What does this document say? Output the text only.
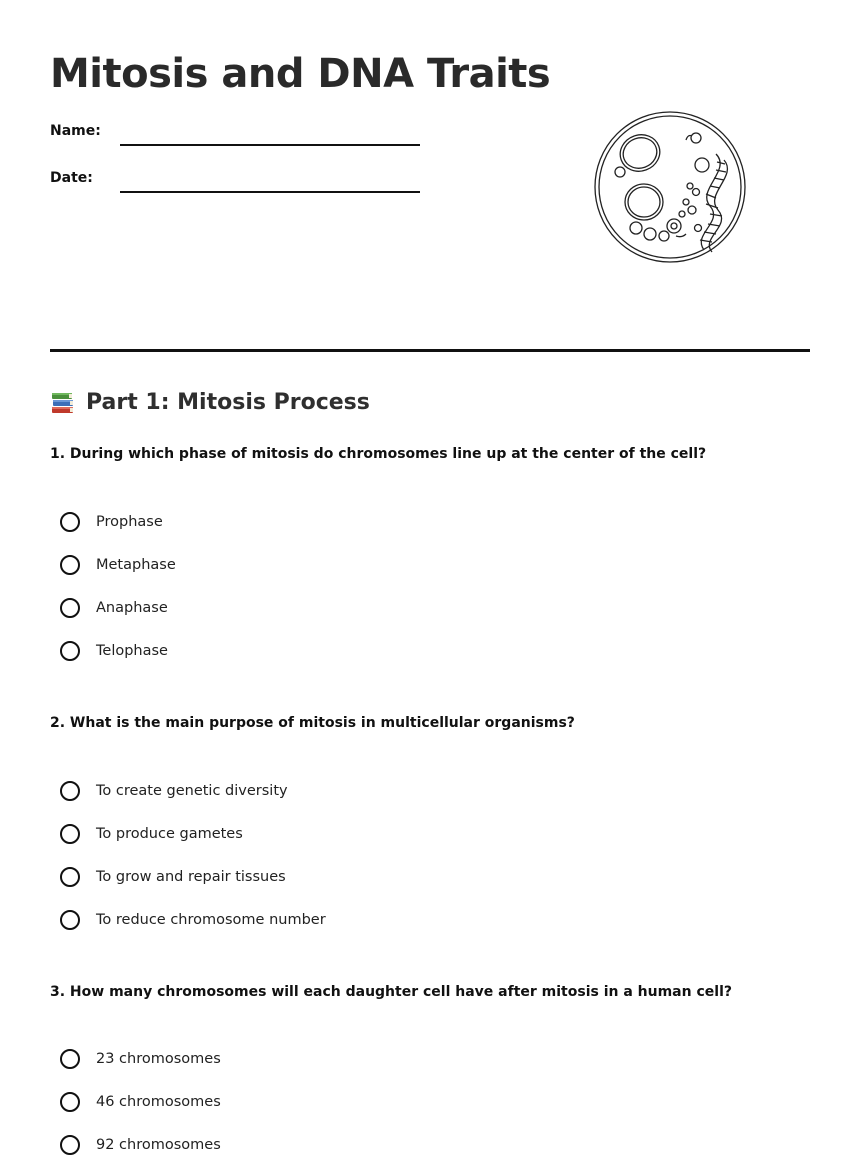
Mitosis and DNA Traits
Name:
Date:
Part 1: Mitosis Process
1. During which phase of mitosis do chromosomes line up at the center of the cell?
Prophase
Metaphase
Anaphase
Telophase
2. What is the main purpose of mitosis in multicellular organisms?
To create genetic diversity
To produce gametes
To grow and repair tissues
To reduce chromosome number
3. How many chromosomes will each daughter cell have after mitosis in a human cell?
23 chromosomes
46 chromosomes
92 chromosomes
